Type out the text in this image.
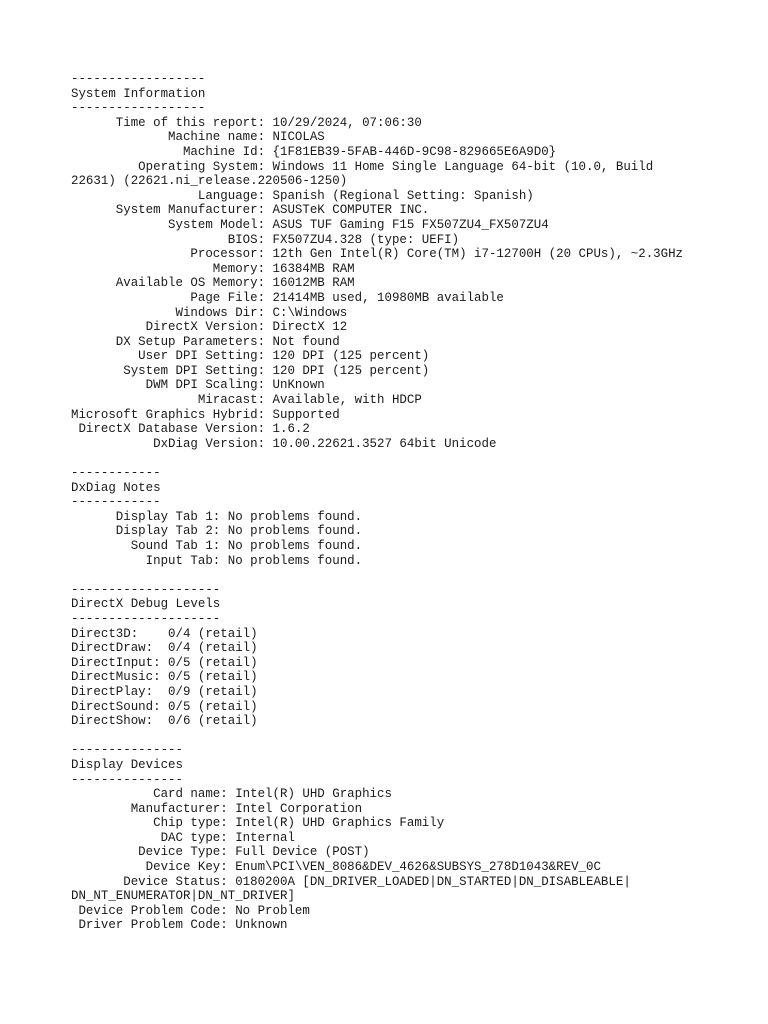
------------------
System Information
------------------
Time of this report: 10/29/2024, 07:06:30
Machine name: NICOLAS
Machine Id: {1F81EB39-5FAB-446D-9C98-829665E6A9D0}
Operating System: Windows 11 Home Single Language 64-bit (10.0, Build
22631) (22621.ni_release.220506-1250)
Language: Spanish (Regional Setting: Spanish)
System Manufacturer: ASUSTeK COMPUTER INC.
System Model: ASUS TUF Gaming F15 FX507ZU4_FX507ZU4
BIOS: FX507ZU4.328 (type: UEFI)
Processor: 12th Gen Intel(R) Core(TM) i7-12700H (20 CPUs), ~2.3GHz
Memory: 16384MB RAM
Available OS Memory: 16012MB RAM
Page File: 21414MB used, 10980MB available
Windows Dir: C:\Windows
DirectX Version: DirectX 12
DX Setup Parameters: Not found
User DPI Setting: 120 DPI (125 percent)
System DPI Setting: 120 DPI (125 percent)
DWM DPI Scaling: UnKnown
Miracast: Available, with HDCP
Microsoft Graphics Hybrid: Supported
DirectX Database Version: 1.6.2
DxDiag Version: 10.00.22621.3527 64bit Unicode
------------
DxDiag Notes
------------
Display Tab 1: No problems found.
Display Tab 2: No problems found.
Sound Tab 1: No problems found.
Input Tab: No problems found.
--------------------
DirectX Debug Levels
--------------------
Direct3D:    0/4 (retail)
DirectDraw:  0/4 (retail)
DirectInput: 0/5 (retail)
DirectMusic: 0/5 (retail)
DirectPlay:  0/9 (retail)
DirectSound: 0/5 (retail)
DirectShow:  0/6 (retail)
---------------
Display Devices
---------------
Card name: Intel(R) UHD Graphics
Manufacturer: Intel Corporation
Chip type: Intel(R) UHD Graphics Family
DAC type: Internal
Device Type: Full Device (POST)
Device Key: Enum\PCI\VEN_8086&DEV_4626&SUBSYS_278D1043&REV_0C
Device Status: 0180200A [DN_DRIVER_LOADED|DN_STARTED|DN_DISABLEABLE|
DN_NT_ENUMERATOR|DN_NT_DRIVER]
Device Problem Code: No Problem
Driver Problem Code: Unknown
